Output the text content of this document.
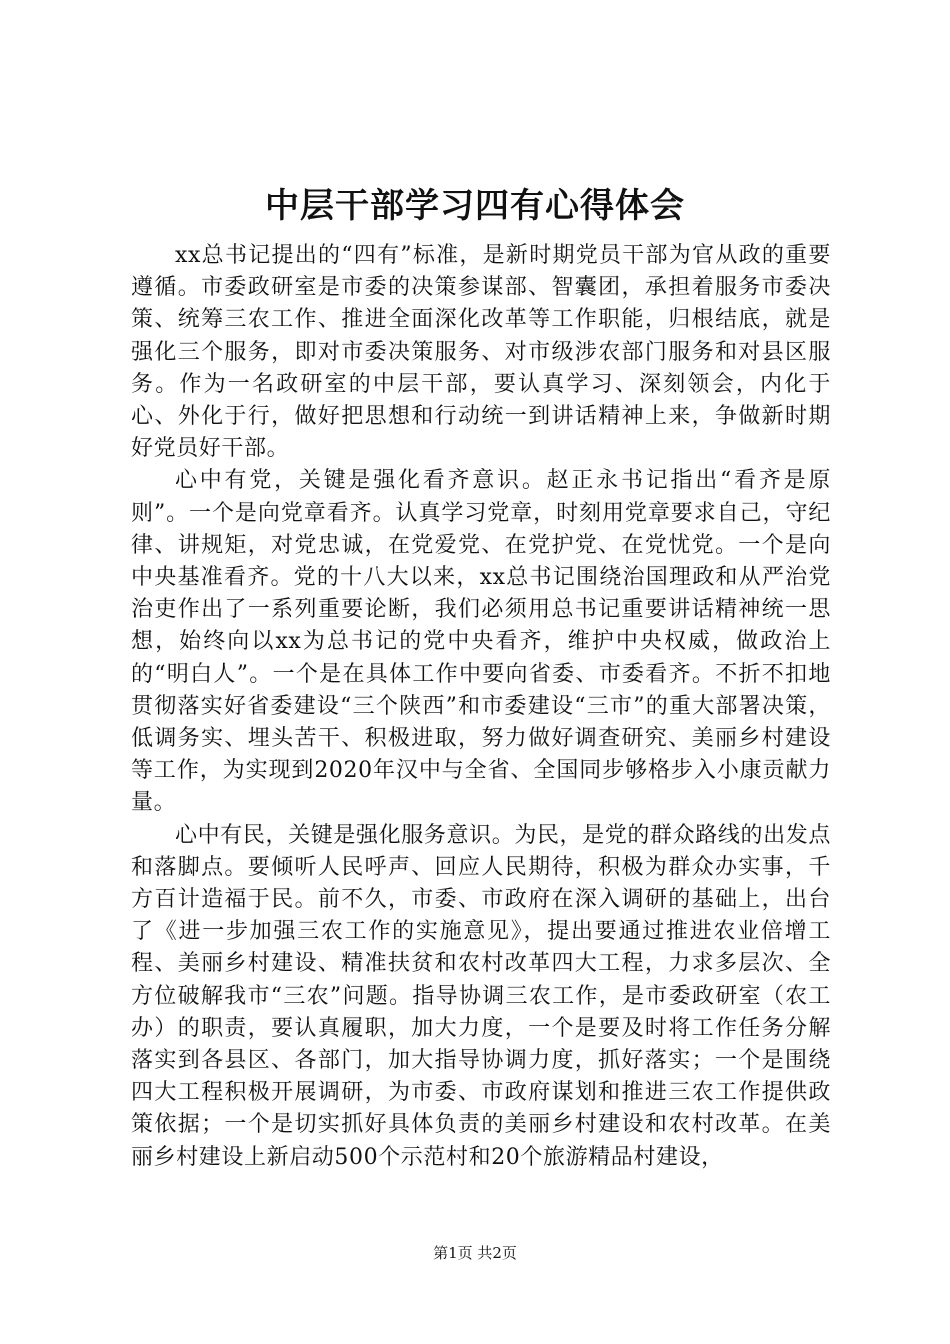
中层干部学习四有心得体会

xx总书记提出的“四有”标准，是新时期党员干部为官从政的重要遵循。市委政研室是市委的决策参谋部、智囊团，承担着服务市委决策、统筹三农工作、推进全面深化改革等工作职能，归根结底，就是强化三个服务，即对市委决策服务、对市级涉农部门服务和对县区服务。作为一名政研室的中层干部，要认真学习、深刻领会，内化于心、外化于行，做好把思想和行动统一到讲话精神上来，争做新时期好党员好干部。

心中有党，关键是强化看齐意识。赵正永书记指出“看齐是原则”。一个是向党章看齐。认真学习党章，时刻用党章要求自己，守纪律、讲规矩，对党忠诚，在党爱党、在党护党、在党忧党。一个是向中央基准看齐。党的十八大以来，xx总书记围绕治国理政和从严治党治吏作出了一系列重要论断，我们必须用总书记重要讲话精神统一思想，始终向以xx为总书记的党中央看齐，维护中央权威，做政治上的“明白人”。一个是在具体工作中要向省委、市委看齐。不折不扣地贯彻落实好省委建设“三个陕西”和市委建设“三市”的重大部署决策，低调务实、埋头苦干、积极进取，努力做好调查研究、美丽乡村建设等工作，为实现到2020年汉中与全省、全国同步够格步入小康贡献力量。

心中有民，关键是强化服务意识。为民，是党的群众路线的出发点和落脚点。要倾听人民呼声、回应人民期待，积极为群众办实事，千方百计造福于民。前不久，市委、市政府在深入调研的基础上，出台了《进一步加强三农工作的实施意见》，提出要通过推进农业倍增工程、美丽乡村建设、精准扶贫和农村改革四大工程，力求多层次、全方位破解我市“三农”问题。指导协调三农工作，是市委政研室（农工办）的职责，要认真履职，加大力度，一个是要及时将工作任务分解落实到各县区、各部门，加大指导协调力度，抓好落实；一个是围绕四大工程积极开展调研，为市委、市政府谋划和推进三农工作提供政策依据；一个是切实抓好具体负责的美丽乡村建设和农村改革。在美丽乡村建设上新启动500个示范村和20个旅游精品村建设，

第1页 共2页
